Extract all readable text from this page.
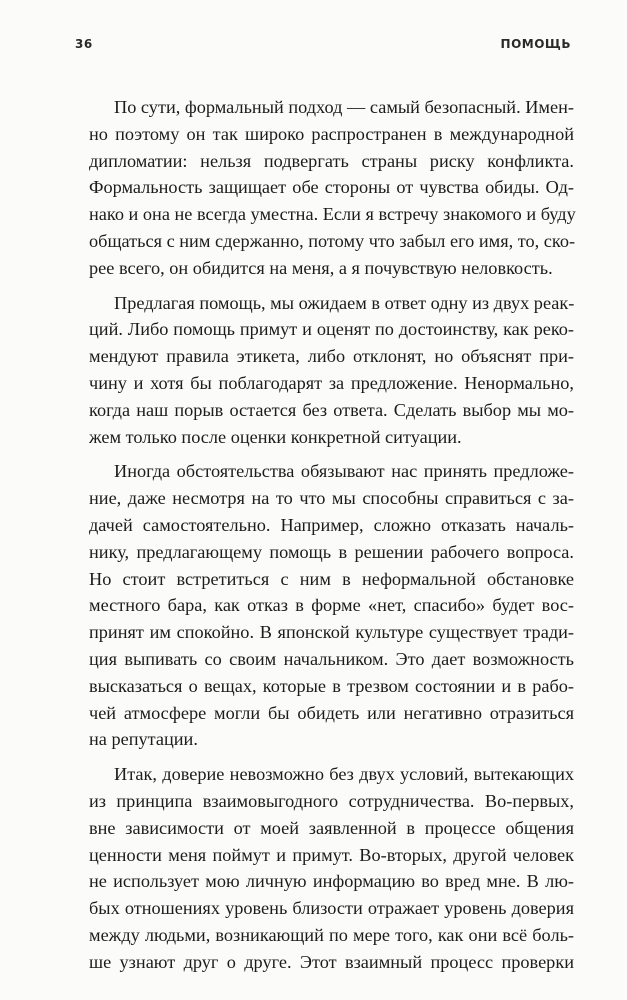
36	ПОМОЩЬ
По сути, формальный подход — самый безопасный. Имен-
но поэтому он так широко распространен в международной
дипломатии: нельзя подвергать страны риску конфликта.
Формальность защищает обе стороны от чувства обиды. Од-
нако и она не всегда уместна. Если я встречу знакомого и буду
общаться с ним сдержанно, потому что забыл его имя, то, ско-
рее всего, он обидится на меня, а я почувствую неловкость.
Предлагая помощь, мы ожидаем в ответ одну из двух реак-
ций. Либо помощь примут и оценят по достоинству, как реко-
мендуют правила этикета, либо отклонят, но объяснят при-
чину и хотя бы поблагодарят за предложение. Ненормально,
когда наш порыв остается без ответа. Сделать выбор мы мо-
жем только после оценки конкретной ситуации.
Иногда обстоятельства обязывают нас принять предложе-
ние, даже несмотря на то что мы способны справиться с за-
дачей самостоятельно. Например, сложно отказать началь-
нику, предлагающему помощь в решении рабочего вопроса.
Но стоит встретиться с ним в неформальной обстановке
местного бара, как отказ в форме «нет, спасибо» будет вос-
принят им спокойно. В японской культуре существует тради-
ция выпивать со своим начальником. Это дает возможность
высказаться о вещах, которые в трезвом состоянии и в рабо-
чей атмосфере могли бы обидеть или негативно отразиться
на репутации.
Итак, доверие невозможно без двух условий, вытекающих
из принципа взаимовыгодного сотрудничества. Во-первых,
вне зависимости от моей заявленной в процессе общения
ценности меня поймут и примут. Во-вторых, другой человек
не использует мою личную информацию во вред мне. В лю-
бых отношениях уровень близости отражает уровень доверия
между людьми, возникающий по мере того, как они всё боль-
ше узнают друг о друге. Этот взаимный процесс проверки
